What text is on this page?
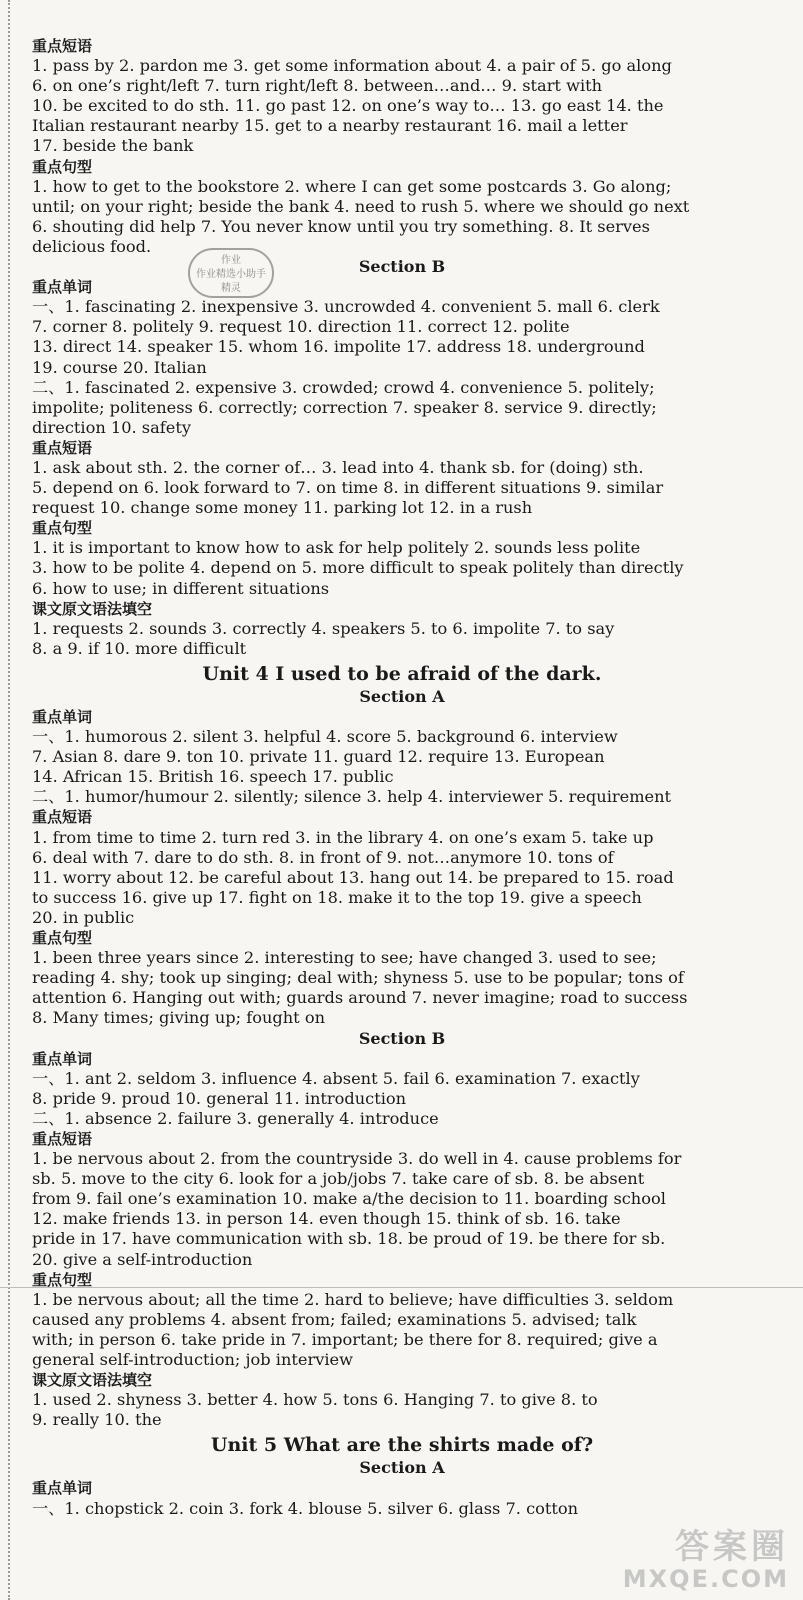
重点短语
1. pass by 2. pardon me 3. get some information about 4. a pair of 5. go along
6. on one’s right/left 7. turn right/left 8. between…and… 9. start with
10. be excited to do sth. 11. go past 12. on one’s way to… 13. go east 14. the
Italian restaurant nearby 15. get to a nearby restaurant 16. mail a letter
17. beside the bank
重点句型
1. how to get to the bookstore 2. where I can get some postcards 3. Go along;
until; on your right; beside the bank 4. need to rush 5. where we should go next
6. shouting did help 7. You never know until you try something. 8. It serves
delicious food.
Section B
重点单词
一、1. fascinating 2. inexpensive 3. uncrowded 4. convenient 5. mall 6. clerk
7. corner 8. politely 9. request 10. direction 11. correct 12. polite
13. direct 14. speaker 15. whom 16. impolite 17. address 18. underground
19. course 20. Italian
二、1. fascinated 2. expensive 3. crowded; crowd 4. convenience 5. politely;
impolite; politeness 6. correctly; correction 7. speaker 8. service 9. directly;
direction 10. safety
重点短语
1. ask about sth. 2. the corner of… 3. lead into 4. thank sb. for (doing) sth.
5. depend on 6. look forward to 7. on time 8. in different situations 9. similar
request 10. change some money 11. parking lot 12. in a rush
重点句型
1. it is important to know how to ask for help politely 2. sounds less polite
3. how to be polite 4. depend on 5. more difficult to speak politely than directly
6. how to use; in different situations
课文原文语法填空
1. requests 2. sounds 3. correctly 4. speakers 5. to 6. impolite 7. to say
8. a 9. if 10. more difficult
Unit 4 I used to be afraid of the dark.
Section A
重点单词
一、1. humorous 2. silent 3. helpful 4. score 5. background 6. interview
7. Asian 8. dare 9. ton 10. private 11. guard 12. require 13. European
14. African 15. British 16. speech 17. public
二、1. humor/humour 2. silently; silence 3. help 4. interviewer 5. requirement
重点短语
1. from time to time 2. turn red 3. in the library 4. on one’s exam 5. take up
6. deal with 7. dare to do sth. 8. in front of 9. not…anymore 10. tons of
11. worry about 12. be careful about 13. hang out 14. be prepared to 15. road
to success 16. give up 17. fight on 18. make it to the top 19. give a speech
20. in public
重点句型
1. been three years since 2. interesting to see; have changed 3. used to see;
reading 4. shy; took up singing; deal with; shyness 5. use to be popular; tons of
attention 6. Hanging out with; guards around 7. never imagine; road to success
8. Many times; giving up; fought on
Section B
重点单词
一、1. ant 2. seldom 3. influence 4. absent 5. fail 6. examination 7. exactly
8. pride 9. proud 10. general 11. introduction
二、1. absence 2. failure 3. generally 4. introduce
重点短语
1. be nervous about 2. from the countryside 3. do well in 4. cause problems for
sb. 5. move to the city 6. look for a job/jobs 7. take care of sb. 8. be absent
from 9. fail one’s examination 10. make a/the decision to 11. boarding school
12. make friends 13. in person 14. even though 15. think of sb. 16. take
pride in 17. have communication with sb. 18. be proud of 19. be there for sb.
20. give a self-introduction
重点句型
1. be nervous about; all the time 2. hard to believe; have difficulties 3. seldom
caused any problems 4. absent from; failed; examinations 5. advised; talk
with; in person 6. take pride in 7. important; be there for 8. required; give a
general self-introduction; job interview
课文原文语法填空
1. used 2. shyness 3. better 4. how 5. tons 6. Hanging 7. to give 8. to
9. really 10. the
Unit 5 What are the shirts made of?
Section A
重点单词
一、1. chopstick 2. coin 3. fork 4. blouse 5. silver 6. glass 7. cotton
作业
作业精选小助手
精灵
答案圈
MXQE.COM
